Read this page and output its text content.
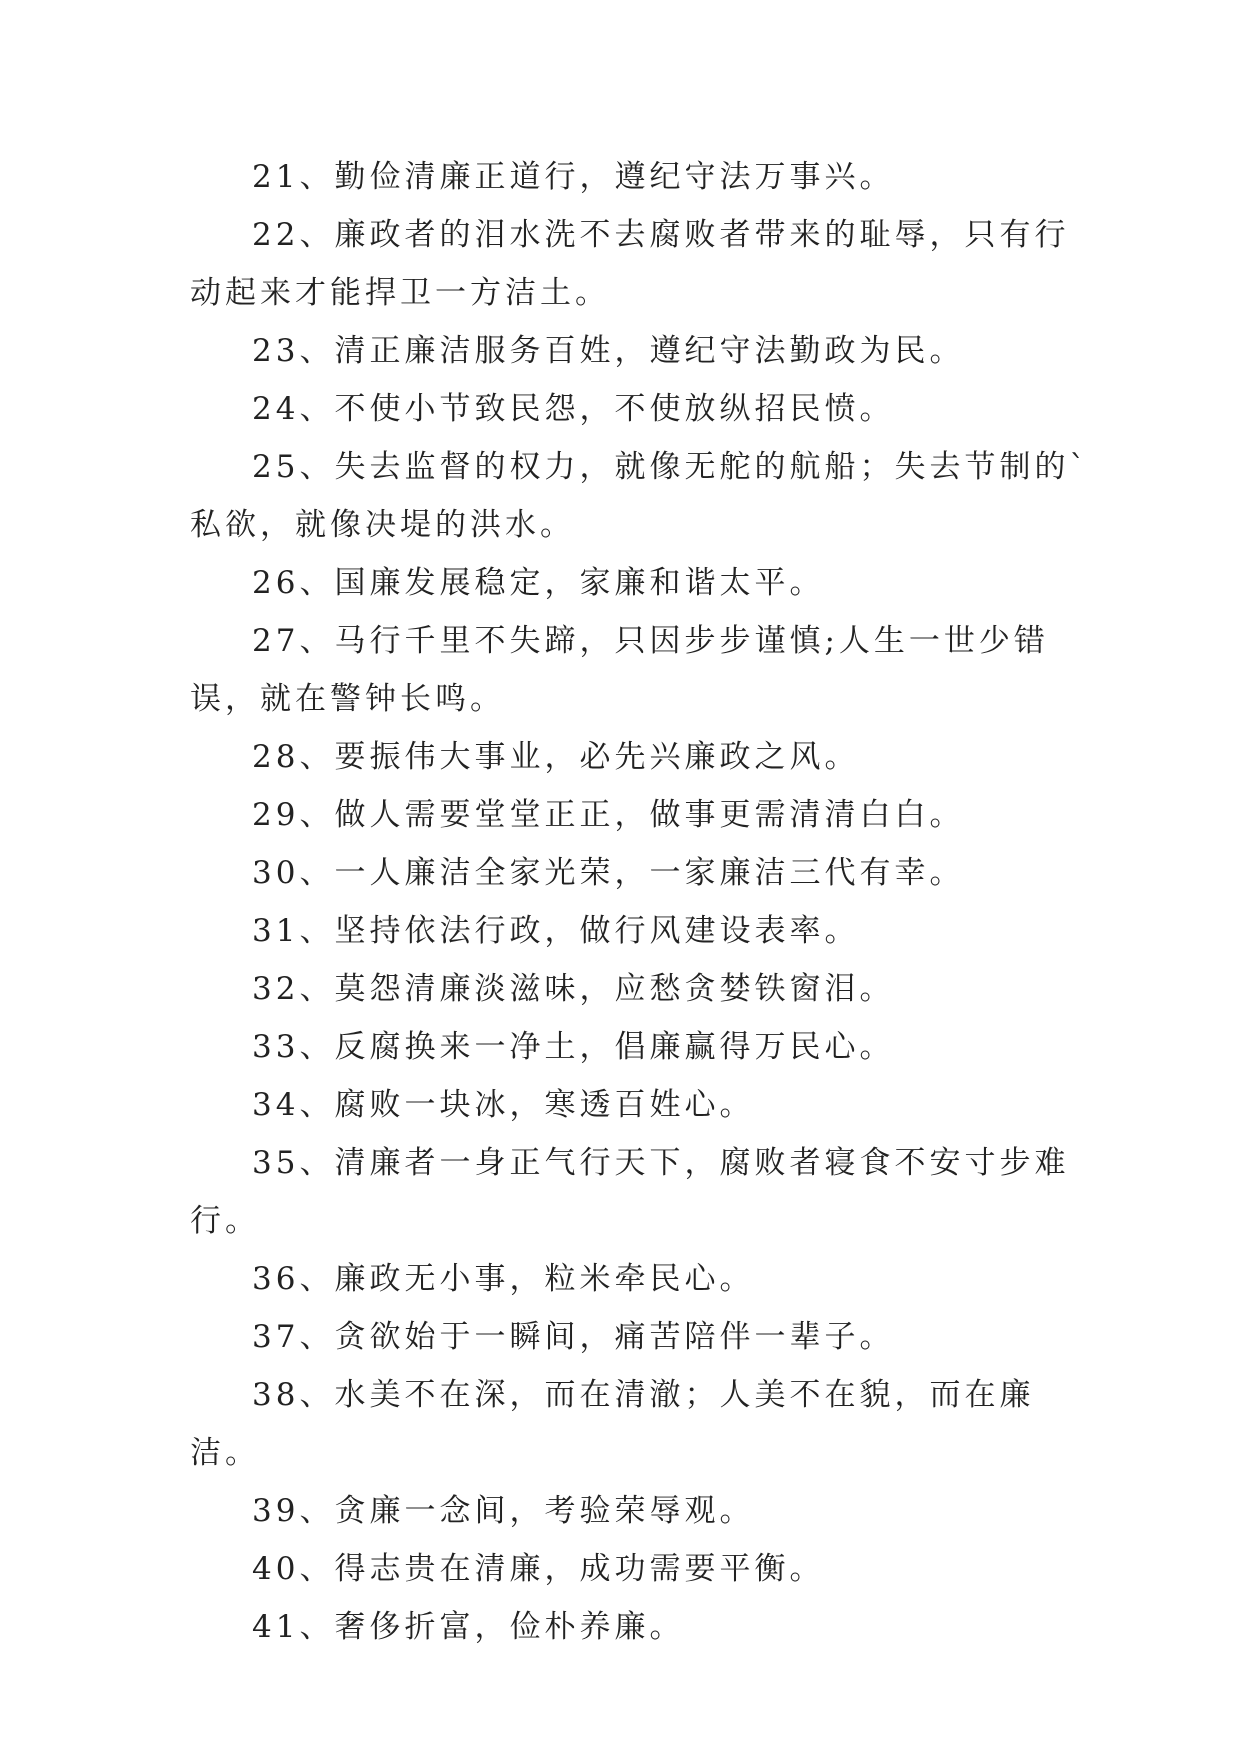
21、勤俭清廉正道行，遵纪守法万事兴。

22、廉政者的泪水洗不去腐败者带来的耻辱，只有行动起来才能捍卫一方洁土。

23、清正廉洁服务百姓，遵纪守法勤政为民。

24、不使小节致民怨，不使放纵招民愤。

25、失去监督的权力，就像无舵的航船；失去节制的`私欲，就像决堤的洪水。

26、国廉发展稳定，家廉和谐太平。

27、马行千里不失蹄，只因步步谨慎;人生一世少错误，就在警钟长鸣。

28、要振伟大事业，必先兴廉政之风。

29、做人需要堂堂正正，做事更需清清白白。

30、一人廉洁全家光荣，一家廉洁三代有幸。

31、坚持依法行政，做行风建设表率。

32、莫怨清廉淡滋味，应愁贪婪铁窗泪。

33、反腐换来一净土，倡廉赢得万民心。

34、腐败一块冰，寒透百姓心。

35、清廉者一身正气行天下，腐败者寝食不安寸步难行。

36、廉政无小事，粒米牵民心。

37、贪欲始于一瞬间，痛苦陪伴一辈子。

38、水美不在深，而在清澈；人美不在貌，而在廉洁。

39、贪廉一念间，考验荣辱观。

40、得志贵在清廉，成功需要平衡。

41、奢侈折富，俭朴养廉。
